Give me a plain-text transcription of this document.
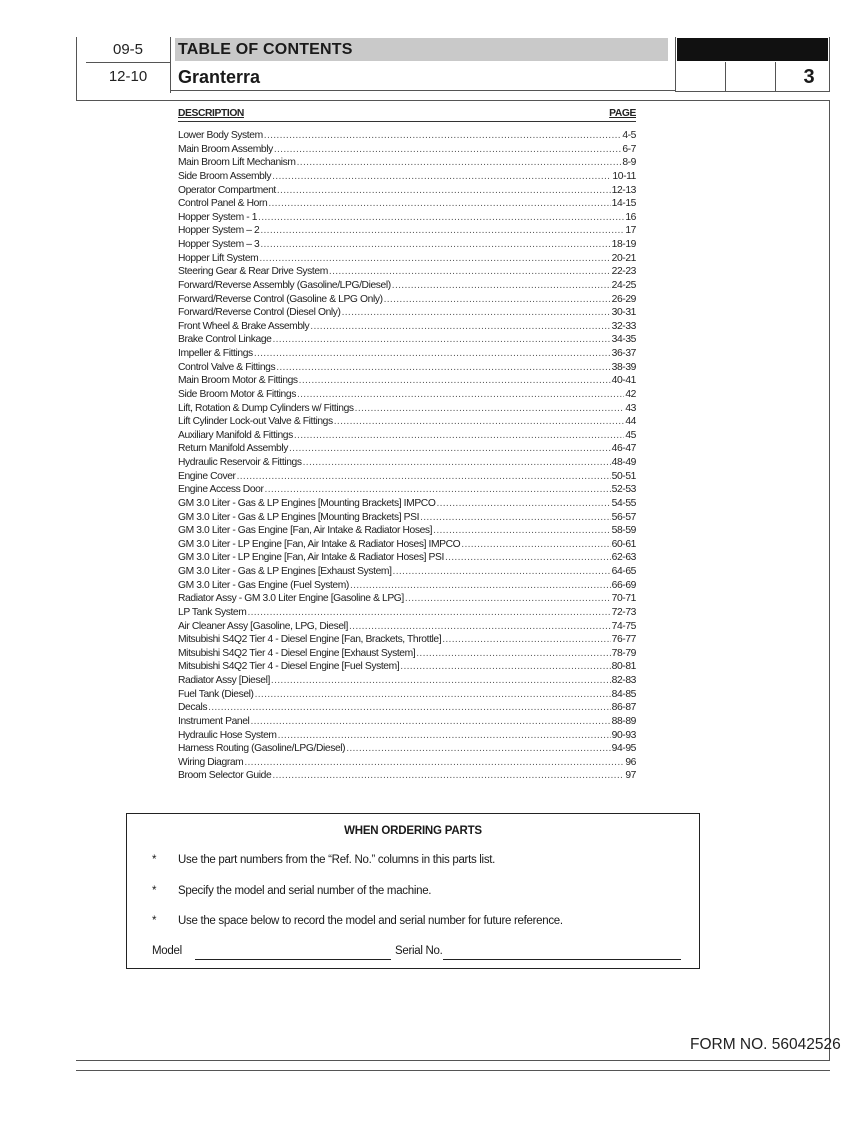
09-5
12-10
TABLE OF CONTENTS
Granterra	3
DESCRIPTION	PAGE
Lower Body System .....	4-5
Main Broom Assembly .....	6-7
Main Broom Lift Mechanism .....	8-9
Side Broom Assembly .....	10-11
Operator Compartment .....	12-13
Control Panel & Horn .....	14-15
Hopper System - 1 .....	16
Hopper System – 2 .....	17
Hopper System – 3 .....	18-19
Hopper Lift System .....	20-21
Steering Gear & Rear Drive System .....	22-23
Forward/Reverse Assembly (Gasoline/LPG/Diesel) .....	24-25
Forward/Reverse Control (Gasoline & LPG Only) .....	26-29
Forward/Reverse Control (Diesel Only) .....	30-31
Front Wheel & Brake Assembly .....	32-33
Brake Control Linkage .....	34-35
Impeller & Fittings .....	36-37
Control Valve & Fittings .....	38-39
Main Broom Motor & Fittings .....	40-41
Side Broom Motor & Fittings .....	42
Lift, Rotation & Dump Cylinders w/ Fittings .....	43
Lift Cylinder Lock-out Valve & Fittings .....	44
Auxiliary Manifold & Fittings .....	45
Return Manifold Assembly .....	46-47
Hydraulic Reservoir & Fittings .....	48-49
Engine Cover .....	50-51
Engine Access Door .....	52-53
GM 3.0 Liter - Gas & LP Engines [Mounting Brackets] IMPCO .....	54-55
GM 3.0 Liter - Gas & LP Engines [Mounting Brackets] PSI .....	56-57
GM 3.0 Liter - Gas Engine [Fan, Air Intake & Radiator Hoses] .....	58-59
GM 3.0 Liter - LP Engine [Fan, Air Intake & Radiator Hoses] IMPCO .....	60-61
GM 3.0 Liter - LP Engine [Fan, Air Intake & Radiator Hoses] PSI .....	62-63
GM 3.0 Liter - Gas & LP Engines [Exhaust System] .....	64-65
GM 3.0 Liter - Gas Engine (Fuel System) .....	66-69
Radiator Assy - GM 3.0 Liter Engine [Gasoline & LPG] .....	70-71
LP Tank System .....	72-73
Air Cleaner Assy [Gasoline, LPG, Diesel] .....	74-75
Mitsubishi S4Q2 Tier 4 - Diesel Engine [Fan, Brackets, Throttle] .....	76-77
Mitsubishi S4Q2 Tier 4 - Diesel Engine [Exhaust System] .....	78-79
Mitsubishi S4Q2 Tier 4 - Diesel Engine [Fuel System] .....	80-81
Radiator Assy [Diesel] .....	82-83
Fuel Tank (Diesel) .....	84-85
Decals .....	86-87
Instrument Panel .....	88-89
Hydraulic Hose System .....	90-93
Harness Routing (Gasoline/LPG/Diesel) .....	94-95
Wiring Diagram .....	96
Broom Selector Guide .....	97
WHEN ORDERING PARTS
* Use the part numbers from the “Ref. No.” columns in this parts list.
* Specify the model and serial number of the machine.
* Use the space below to record the model and serial number for future reference.
Model	Serial No.
FORM NO. 56042526
